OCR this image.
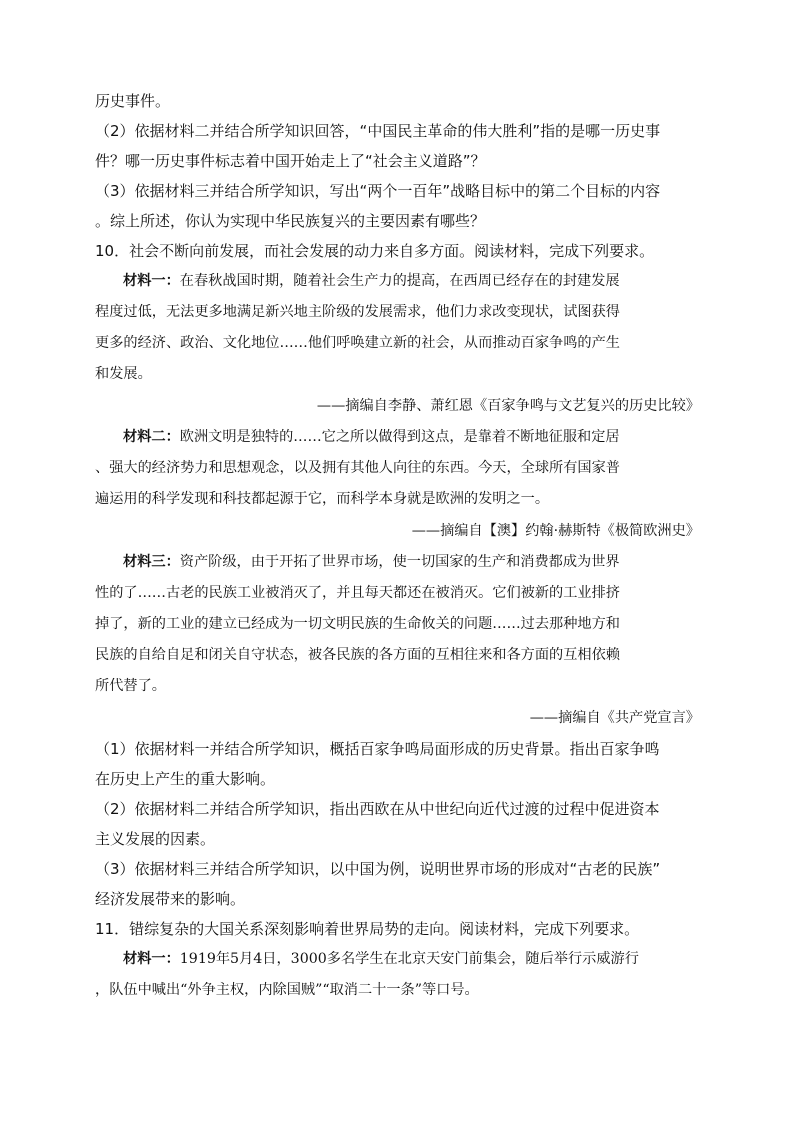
历史事件。
（2）依据材料二并结合所学知识回答，“中国民主革命的伟大胜利”指的是哪一历史事
件？哪一历史事件标志着中国开始走上了“社会主义道路”？
（3）依据材料三并结合所学知识，写出“两个一百年”战略目标中的第二个目标的内容
。综上所述，你认为实现中华民族复兴的主要因素有哪些？
10．社会不断向前发展，而社会发展的动力来自多方面。阅读材料，完成下列要求。
材料一：在春秋战国时期，随着社会生产力的提高，在西周已经存在的封建发展
程度过低，无法更多地满足新兴地主阶级的发展需求，他们力求改变现状，试图获得
更多的经济、政治、文化地位……他们呼唤建立新的社会，从而推动百家争鸣的产生
和发展。
——摘编自李静、萧红恩《百家争鸣与文艺复兴的历史比较》
材料二：欧洲文明是独特的……它之所以做得到这点，是靠着不断地征服和定居
、强大的经济势力和思想观念，以及拥有其他人向往的东西。今天，全球所有国家普
遍运用的科学发现和科技都起源于它，而科学本身就是欧洲的发明之一。
——摘编自【澳】约翰·赫斯特《极简欧洲史》
材料三：资产阶级，由于开拓了世界市场，使一切国家的生产和消费都成为世界
性的了……古老的民族工业被消灭了，并且每天都还在被消灭。它们被新的工业排挤
掉了，新的工业的建立已经成为一切文明民族的生命攸关的问题……过去那种地方和
民族的自给自足和闭关自守状态，被各民族的各方面的互相往来和各方面的互相依赖
所代替了。
——摘编自《共产党宣言》
（1）依据材料一并结合所学知识，概括百家争鸣局面形成的历史背景。指出百家争鸣
在历史上产生的重大影响。
（2）依据材料二并结合所学知识，指出西欧在从中世纪向近代过渡的过程中促进资本
主义发展的因素。
（3）依据材料三并结合所学知识，以中国为例，说明世界市场的形成对“古老的民族”
经济发展带来的影响。
11．错综复杂的大国关系深刻影响着世界局势的走向。阅读材料，完成下列要求。
材料一：1919年5月4日，3000多名学生在北京天安门前集会，随后举行示威游行
，队伍中喊出“外争主权，内除国贼”“取消二十一条”等口号。
